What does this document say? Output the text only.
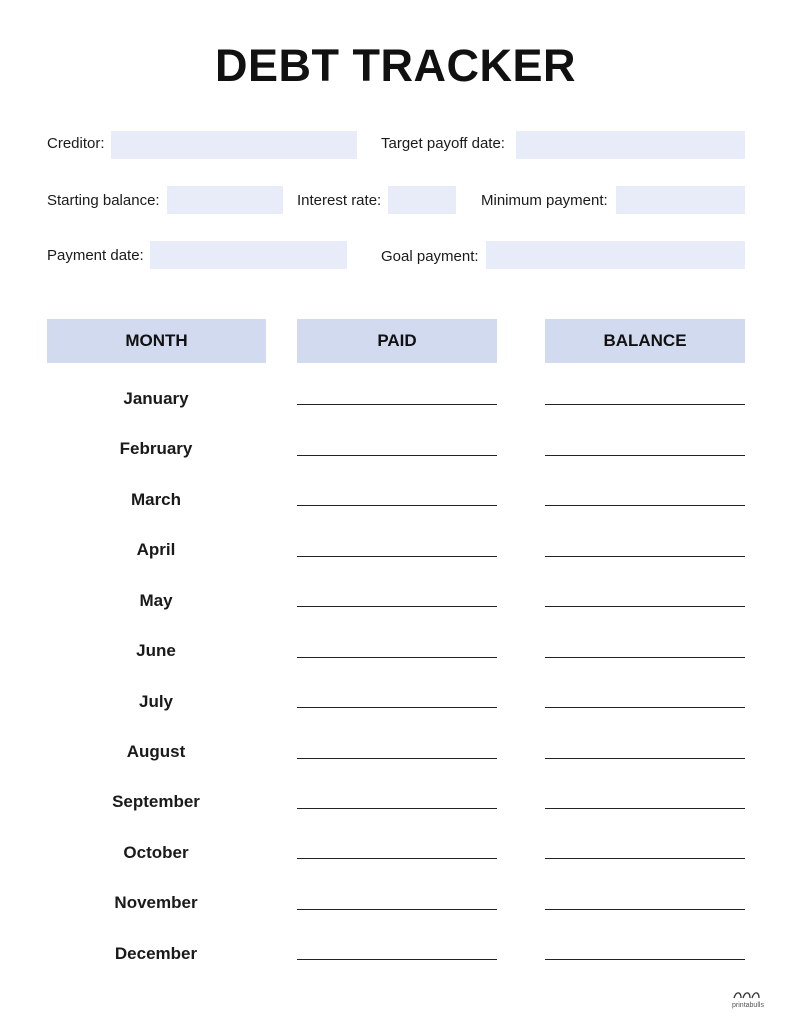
DEBT TRACKER
Creditor:	Target payoff date:
Starting balance:	Interest rate:	Minimum payment:
Payment date:	Goal payment:
MONTH	PAID	BALANCE
January
February
March
April
May
June
July
August
September
October
November
December
printabulls
